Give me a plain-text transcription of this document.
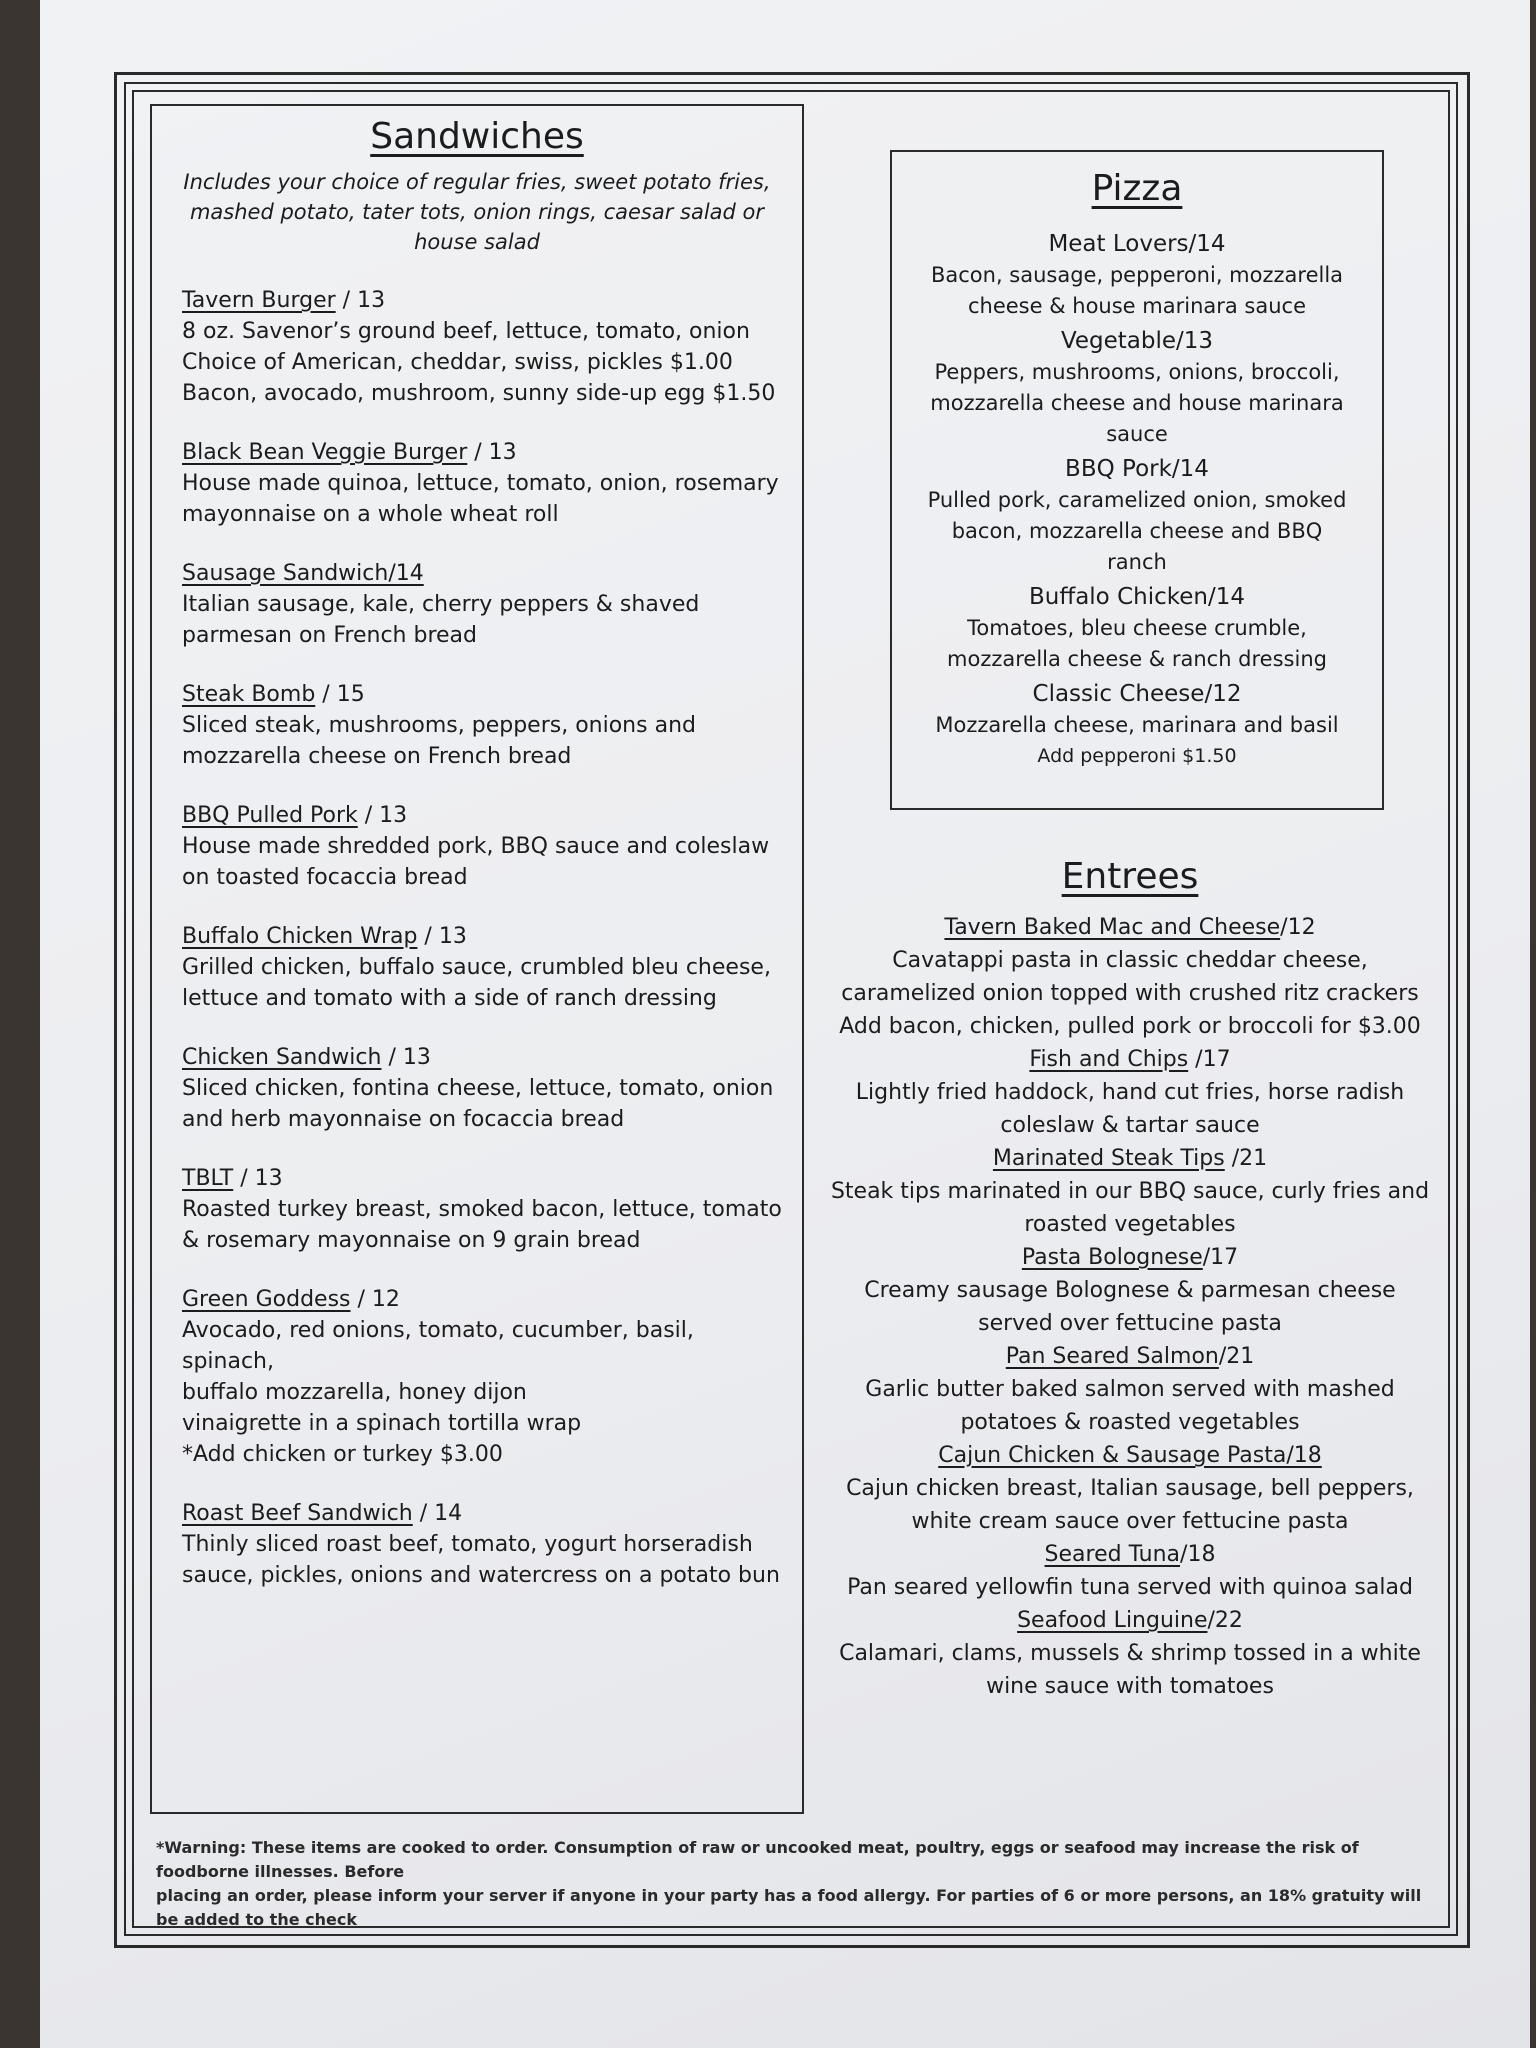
Sandwiches
Includes your choice of regular fries, sweet potato fries,
mashed potato, tater tots, onion rings, caesar salad or
house salad
Tavern Burger / 13
8 oz. Savenor’s ground beef, lettuce, tomato, onion
Choice of American, cheddar, swiss, pickles $1.00
Bacon, avocado, mushroom, sunny side-up egg $1.50
Black Bean Veggie Burger / 13
House made quinoa, lettuce, tomato, onion, rosemary
mayonnaise on a whole wheat roll
Sausage Sandwich/14
Italian sausage, kale, cherry peppers & shaved
parmesan on French bread
Steak Bomb / 15
Sliced steak, mushrooms, peppers, onions and
mozzarella cheese on French bread
BBQ Pulled Pork / 13
House made shredded pork, BBQ sauce and coleslaw
on toasted focaccia bread
Buffalo Chicken Wrap / 13
Grilled chicken, buffalo sauce, crumbled bleu cheese,
lettuce and tomato with a side of ranch dressing
Chicken Sandwich / 13
Sliced chicken, fontina cheese, lettuce, tomato, onion
and herb mayonnaise on focaccia bread
TBLT / 13
Roasted turkey breast, smoked bacon, lettuce, tomato
& rosemary mayonnaise on 9 grain bread
Green Goddess / 12
Avocado, red onions, tomato, cucumber, basil, spinach,
buffalo mozzarella, honey dijon
vinaigrette in a spinach tortilla wrap
*Add chicken or turkey $3.00
Roast Beef Sandwich / 14
Thinly sliced roast beef, tomato, yogurt horseradish
sauce, pickles, onions and watercress on a potato bun
Pizza
Meat Lovers/14
Bacon, sausage, pepperoni, mozzarella
cheese & house marinara sauce
Vegetable/13
Peppers, mushrooms, onions, broccoli,
mozzarella cheese and house marinara
sauce
BBQ Pork/14
Pulled pork, caramelized onion, smoked
bacon, mozzarella cheese and BBQ
ranch
Buffalo Chicken/14
Tomatoes, bleu cheese crumble,
mozzarella cheese & ranch dressing
Classic Cheese/12
Mozzarella cheese, marinara and basil
Add pepperoni $1.50
Entrees
Tavern Baked Mac and Cheese/12
Cavatappi pasta in classic cheddar cheese,
caramelized onion topped with crushed ritz crackers
Add bacon, chicken, pulled pork or broccoli for $3.00
Fish and Chips /17
Lightly fried haddock, hand cut fries, horse radish
coleslaw & tartar sauce
Marinated Steak Tips /21
Steak tips marinated in our BBQ sauce, curly fries and
roasted vegetables
Pasta Bolognese/17
Creamy sausage Bolognese & parmesan cheese
served over fettucine pasta
Pan Seared Salmon/21
Garlic butter baked salmon served with mashed
potatoes & roasted vegetables
Cajun Chicken & Sausage Pasta/18
Cajun chicken breast, Italian sausage, bell peppers,
white cream sauce over fettucine pasta
Seared Tuna/18
Pan seared yellowfin tuna served with quinoa salad
Seafood Linguine/22
Calamari, clams, mussels & shrimp tossed in a white
wine sauce with tomatoes
*Warning: These items are cooked to order. Consumption of raw or uncooked meat, poultry, eggs or seafood may increase the risk of foodborne illnesses. Before
placing an order, please inform your server if anyone in your party has a food allergy. For parties of 6 or more persons, an 18% gratuity will be added to the check
